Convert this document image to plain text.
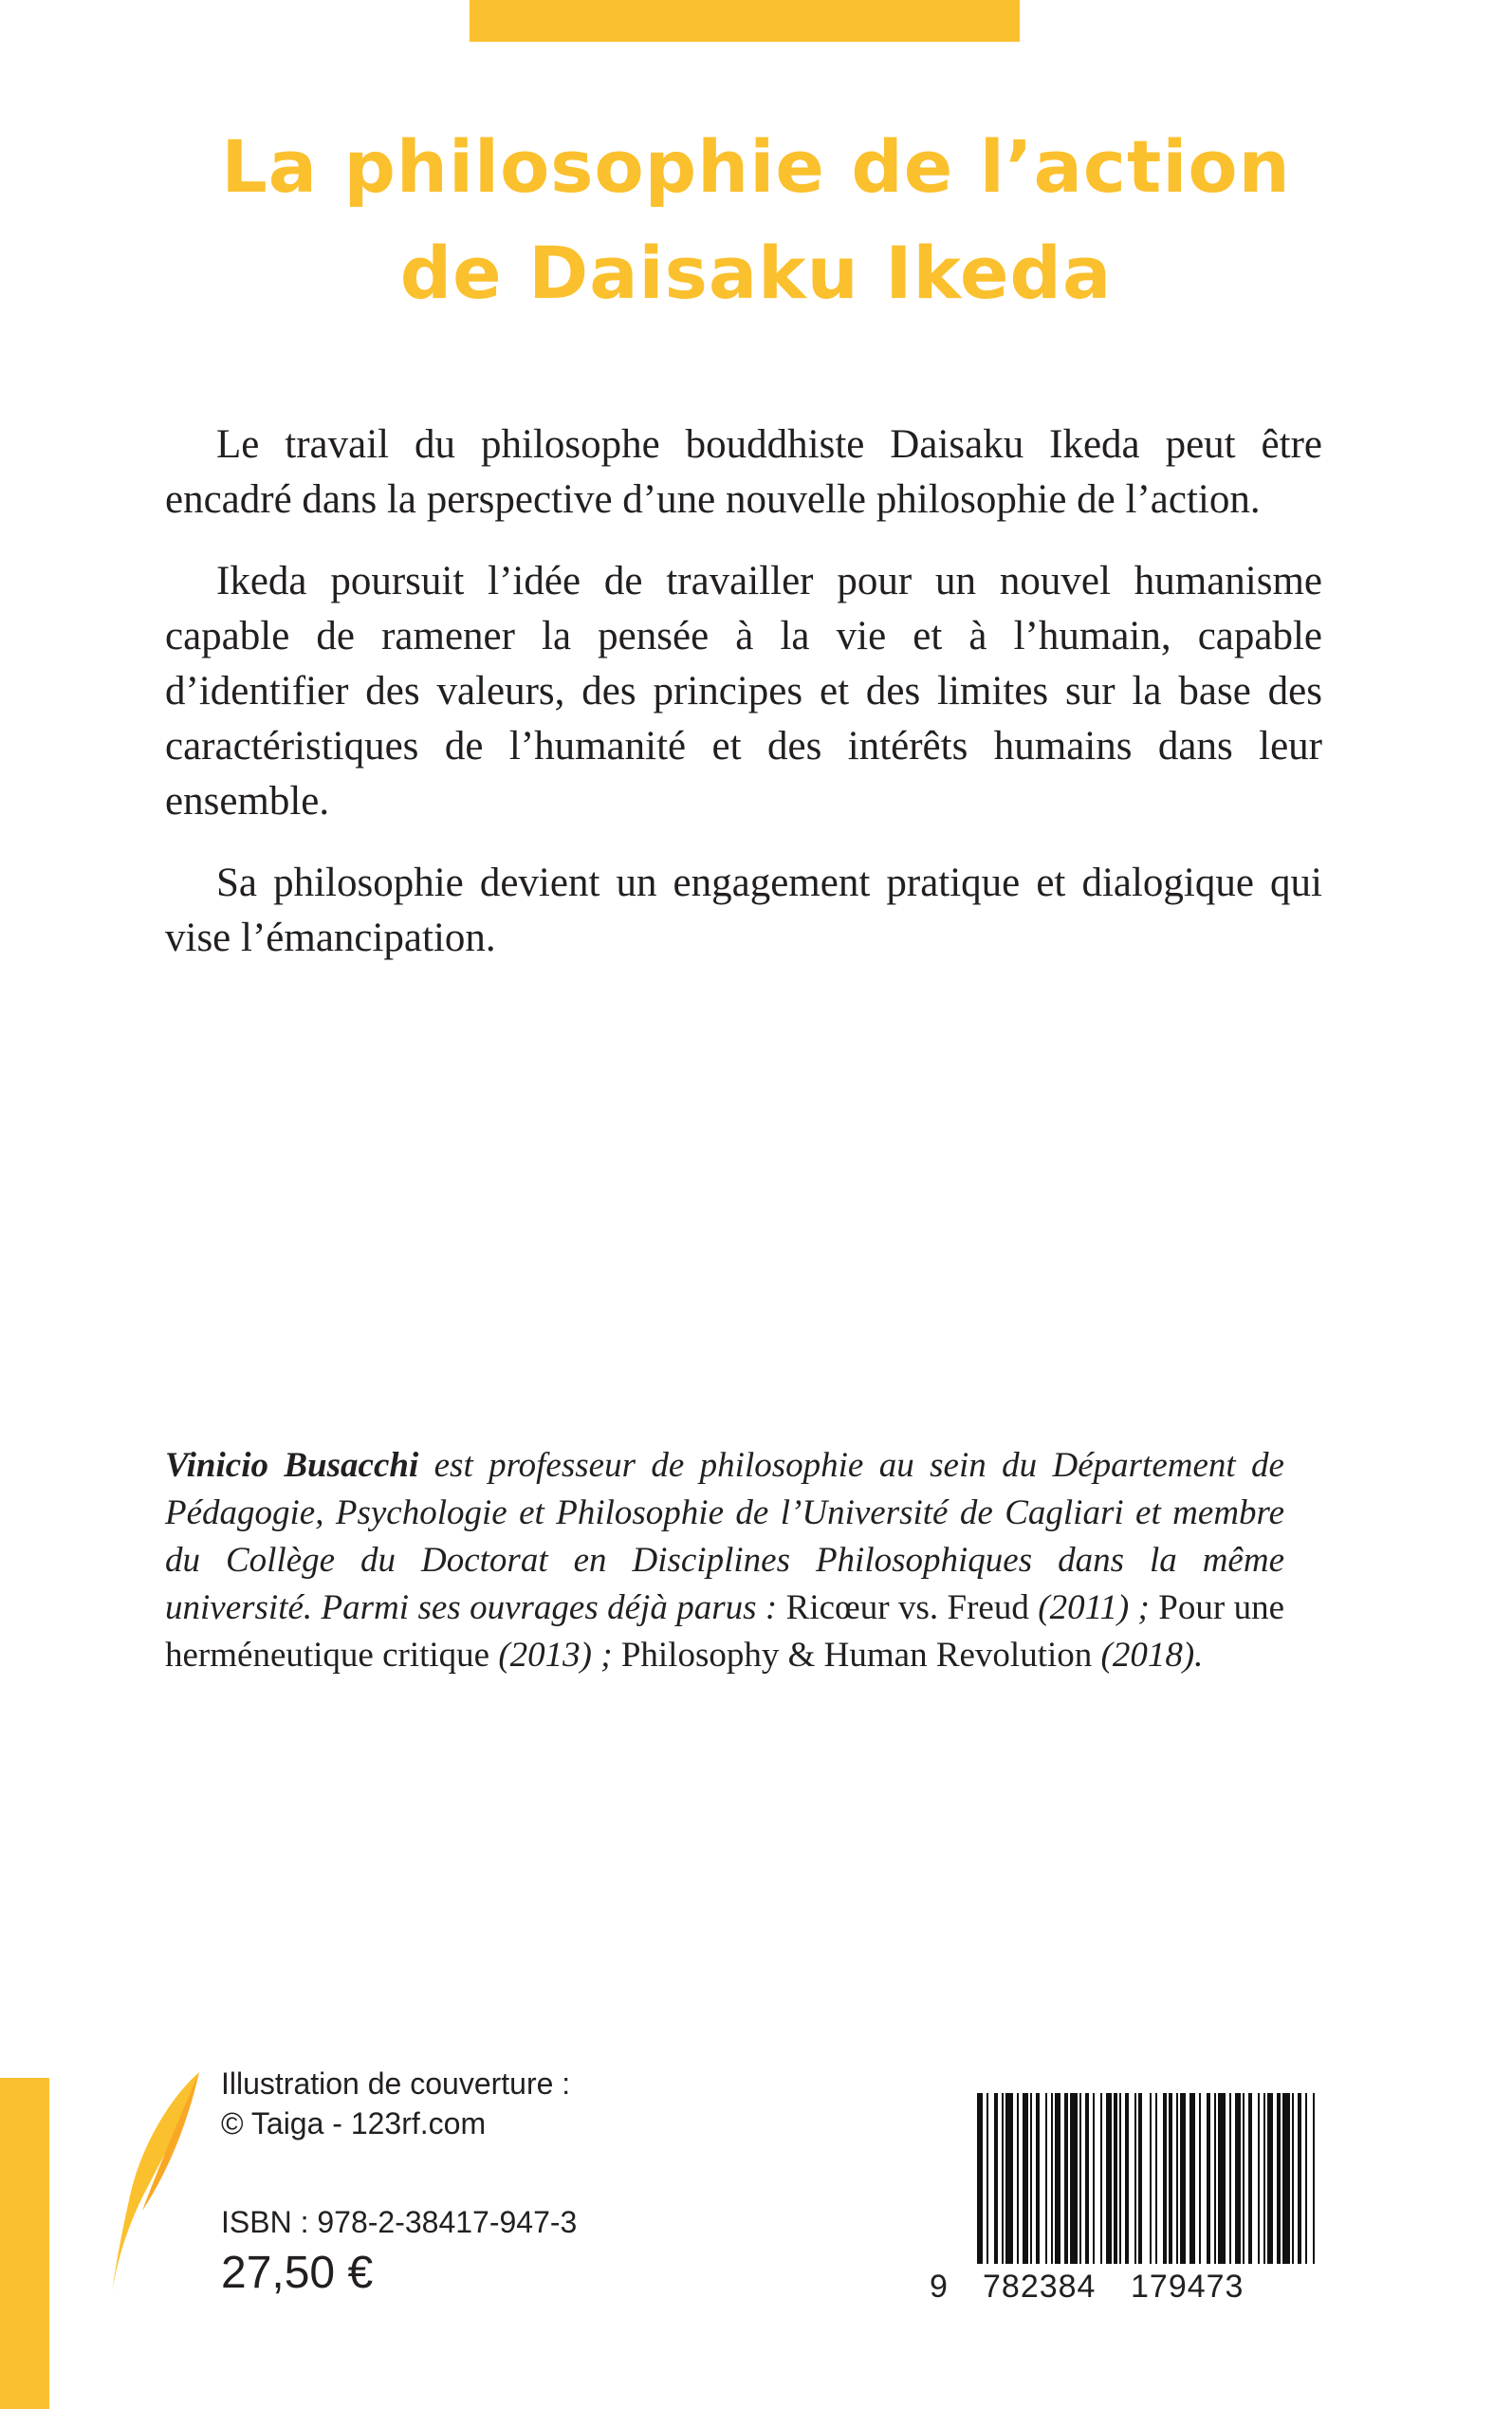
La philosophie de l’action
de Daisaku Ikeda

Le travail du philosophe bouddhiste Daisaku Ikeda peut être encadré dans la perspective d’une nouvelle philosophie de l’action.

Ikeda poursuit l’idée de travailler pour un nouvel humanisme capable de ramener la pensée à la vie et à l’humain, capable d’identifier des valeurs, des principes et des limites sur la base des caractéristiques de l’humanité et des intérêts humains dans leur ensemble.

Sa philosophie devient un engagement pratique et dialogique qui vise l’émancipation.

Vinicio Busacchi est professeur de philosophie au sein du Département de Pédagogie, Psychologie et Philosophie de l’Université de Cagliari et membre du Collège du Doctorat en Disciplines Philosophiques dans la même université. Parmi ses ouvrages déjà parus : Ricœur vs. Freud (2011) ; Pour une herméneutique critique (2013) ; Philosophy & Human Revolution (2018).
Illustration de couverture :
© Taiga - 123rf.com
ISBN : 978-2-38417-947-3
27,50 €	9 782384 179473
